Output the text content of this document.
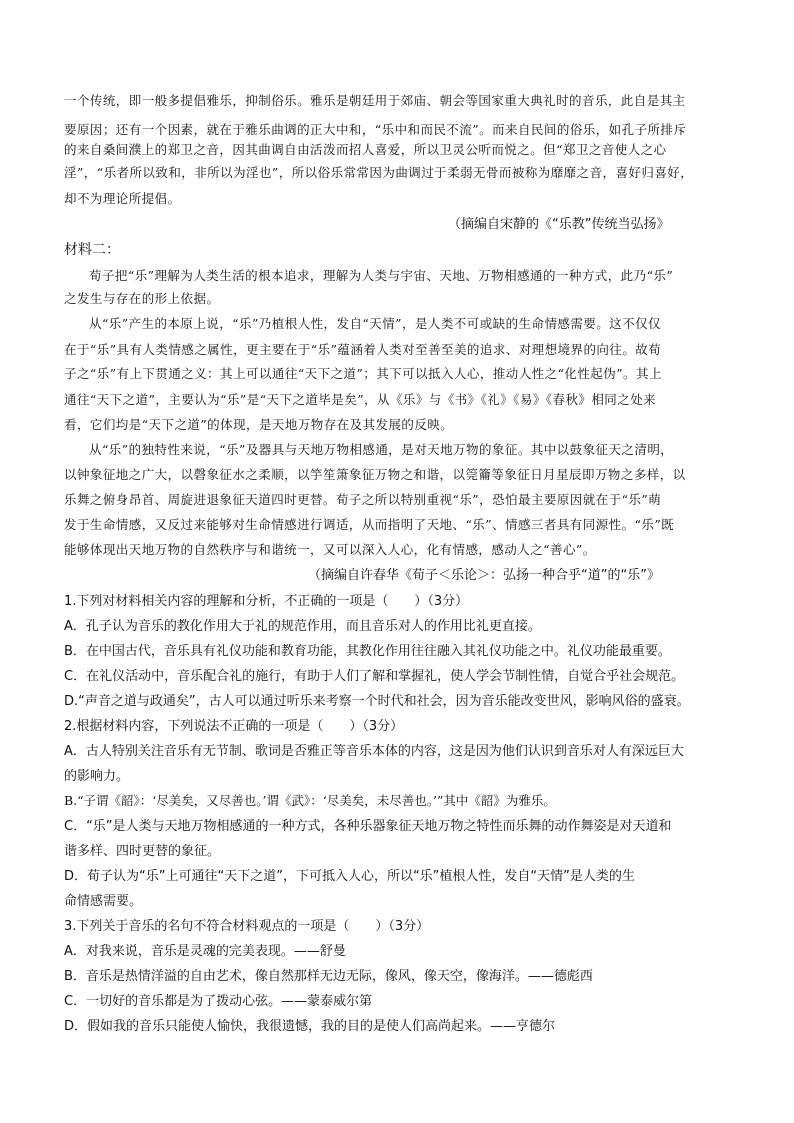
一个传统，即一般多提倡雅乐，抑制俗乐。雅乐是朝廷用于郊庙、朝会等国家重大典礼时的音乐，此自是其主
要原因；还有一个因素，就在于雅乐曲调的正大中和，“乐中和而民不流”。而来自民间的俗乐，如孔子所排斥
的来自桑间濮上的郑卫之音，因其曲调自由活泼而招人喜爱，所以卫灵公听而悦之。但“郑卫之音使人之心
淫”，“乐者所以致和，非所以为淫也”，所以俗乐常常因为曲调过于柔弱无骨而被称为靡靡之音，喜好归喜好，
却不为理论所提倡。
（摘编自宋静的《“乐教”传统当弘扬》
材料二：
荀子把“乐”理解为人类生活的根本追求，理解为人类与宇宙、天地、万物相感通的一种方式，此乃“乐”
之发生与存在的形上依据。
从“乐”产生的本原上说，“乐”乃植根人性，发自“天情”，是人类不可或缺的生命情感需要。这不仅仅
在于“乐”具有人类情感之属性，更主要在于“乐”蕴涵着人类对至善至美的追求、对理想境界的向往。故荀
子之“乐”有上下贯通之义：其上可以通往“天下之道”；其下可以抵入人心，推动人性之“化性起伪”。其上
通往“天下之道”，主要认为“乐”是“天下之道毕是矣”，从《乐》与《书》《礼》《易》《春秋》相同之处来
看，它们均是“天下之道”的体现，是天地万物存在及其发展的反映。
从“乐”的独特性来说，“乐”及器具与天地万物相感通，是对天地万物的象征。其中以鼓象征天之清明，
以钟象征地之广大，以磬象征水之柔顺，以竽笙箫象征万物之和谐，以筦籥等象征日月星辰即万物之多样，以
乐舞之俯身昂首、周旋进退象征天道四时更替。荀子之所以特别重视“乐”，恐怕最主要原因就在于“乐”萌
发于生命情感，又反过来能够对生命情感进行调适，从而指明了天地、“乐”、情感三者具有同源性。“乐”既
能够体现出天地万物的自然秩序与和谐统一，又可以深入人心，化有情感，感动人之“善心”。
（摘编自许春华《荀子＜乐论＞：弘扬一种合乎“道”的“乐”》
1.下列对材料相关内容的理解和分析，不正确的一项是（　　）（3分）
A．孔子认为音乐的教化作用大于礼的规范作用，而且音乐对人的作用比礼更直接。
B．在中国古代，音乐具有礼仪功能和教育功能，其教化作用往往融入其礼仪功能之中。礼仪功能最重要。
C．在礼仪活动中，音乐配合礼的施行，有助于人们了解和掌握礼，使人学会节制性情，自觉合乎社会规范。
D.“声音之道与政通矣”，古人可以通过听乐来考察一个时代和社会，因为音乐能改变世风，影响风俗的盛衰。
2.根据材料内容，下列说法不正确的一项是（　　）（3分）
A．古人特别关注音乐有无节制、歌词是否雅正等音乐本体的内容，这是因为他们认识到音乐对人有深远巨大
的影响力。
B.“子谓《韶》：‘尽美矣，又尽善也。’谓《武》：‘尽美矣，未尽善也。’”其中《韶》为雅乐。
C．“乐”是人类与天地万物相感通的一种方式，各种乐器象征天地万物之特性而乐舞的动作舞姿是对天道和
谐多样、四时更替的象征。
D．荀子认为“乐”上可通往“天下之道”，下可抵入人心，所以“乐”植根人性，发自“天情”是人类的生
命情感需要。
3.下列关于音乐的名句不符合材料观点的一项是（　　）（3分）
A．对我来说，音乐是灵魂的完美表现。——舒曼
B．音乐是热情洋溢的自由艺术，像自然那样无边无际，像风，像天空，像海洋。——德彪西
C．一切好的音乐都是为了拨动心弦。——蒙泰威尔第
D．假如我的音乐只能使人愉快，我很遗憾，我的目的是使人们高尚起来。——亨德尔
